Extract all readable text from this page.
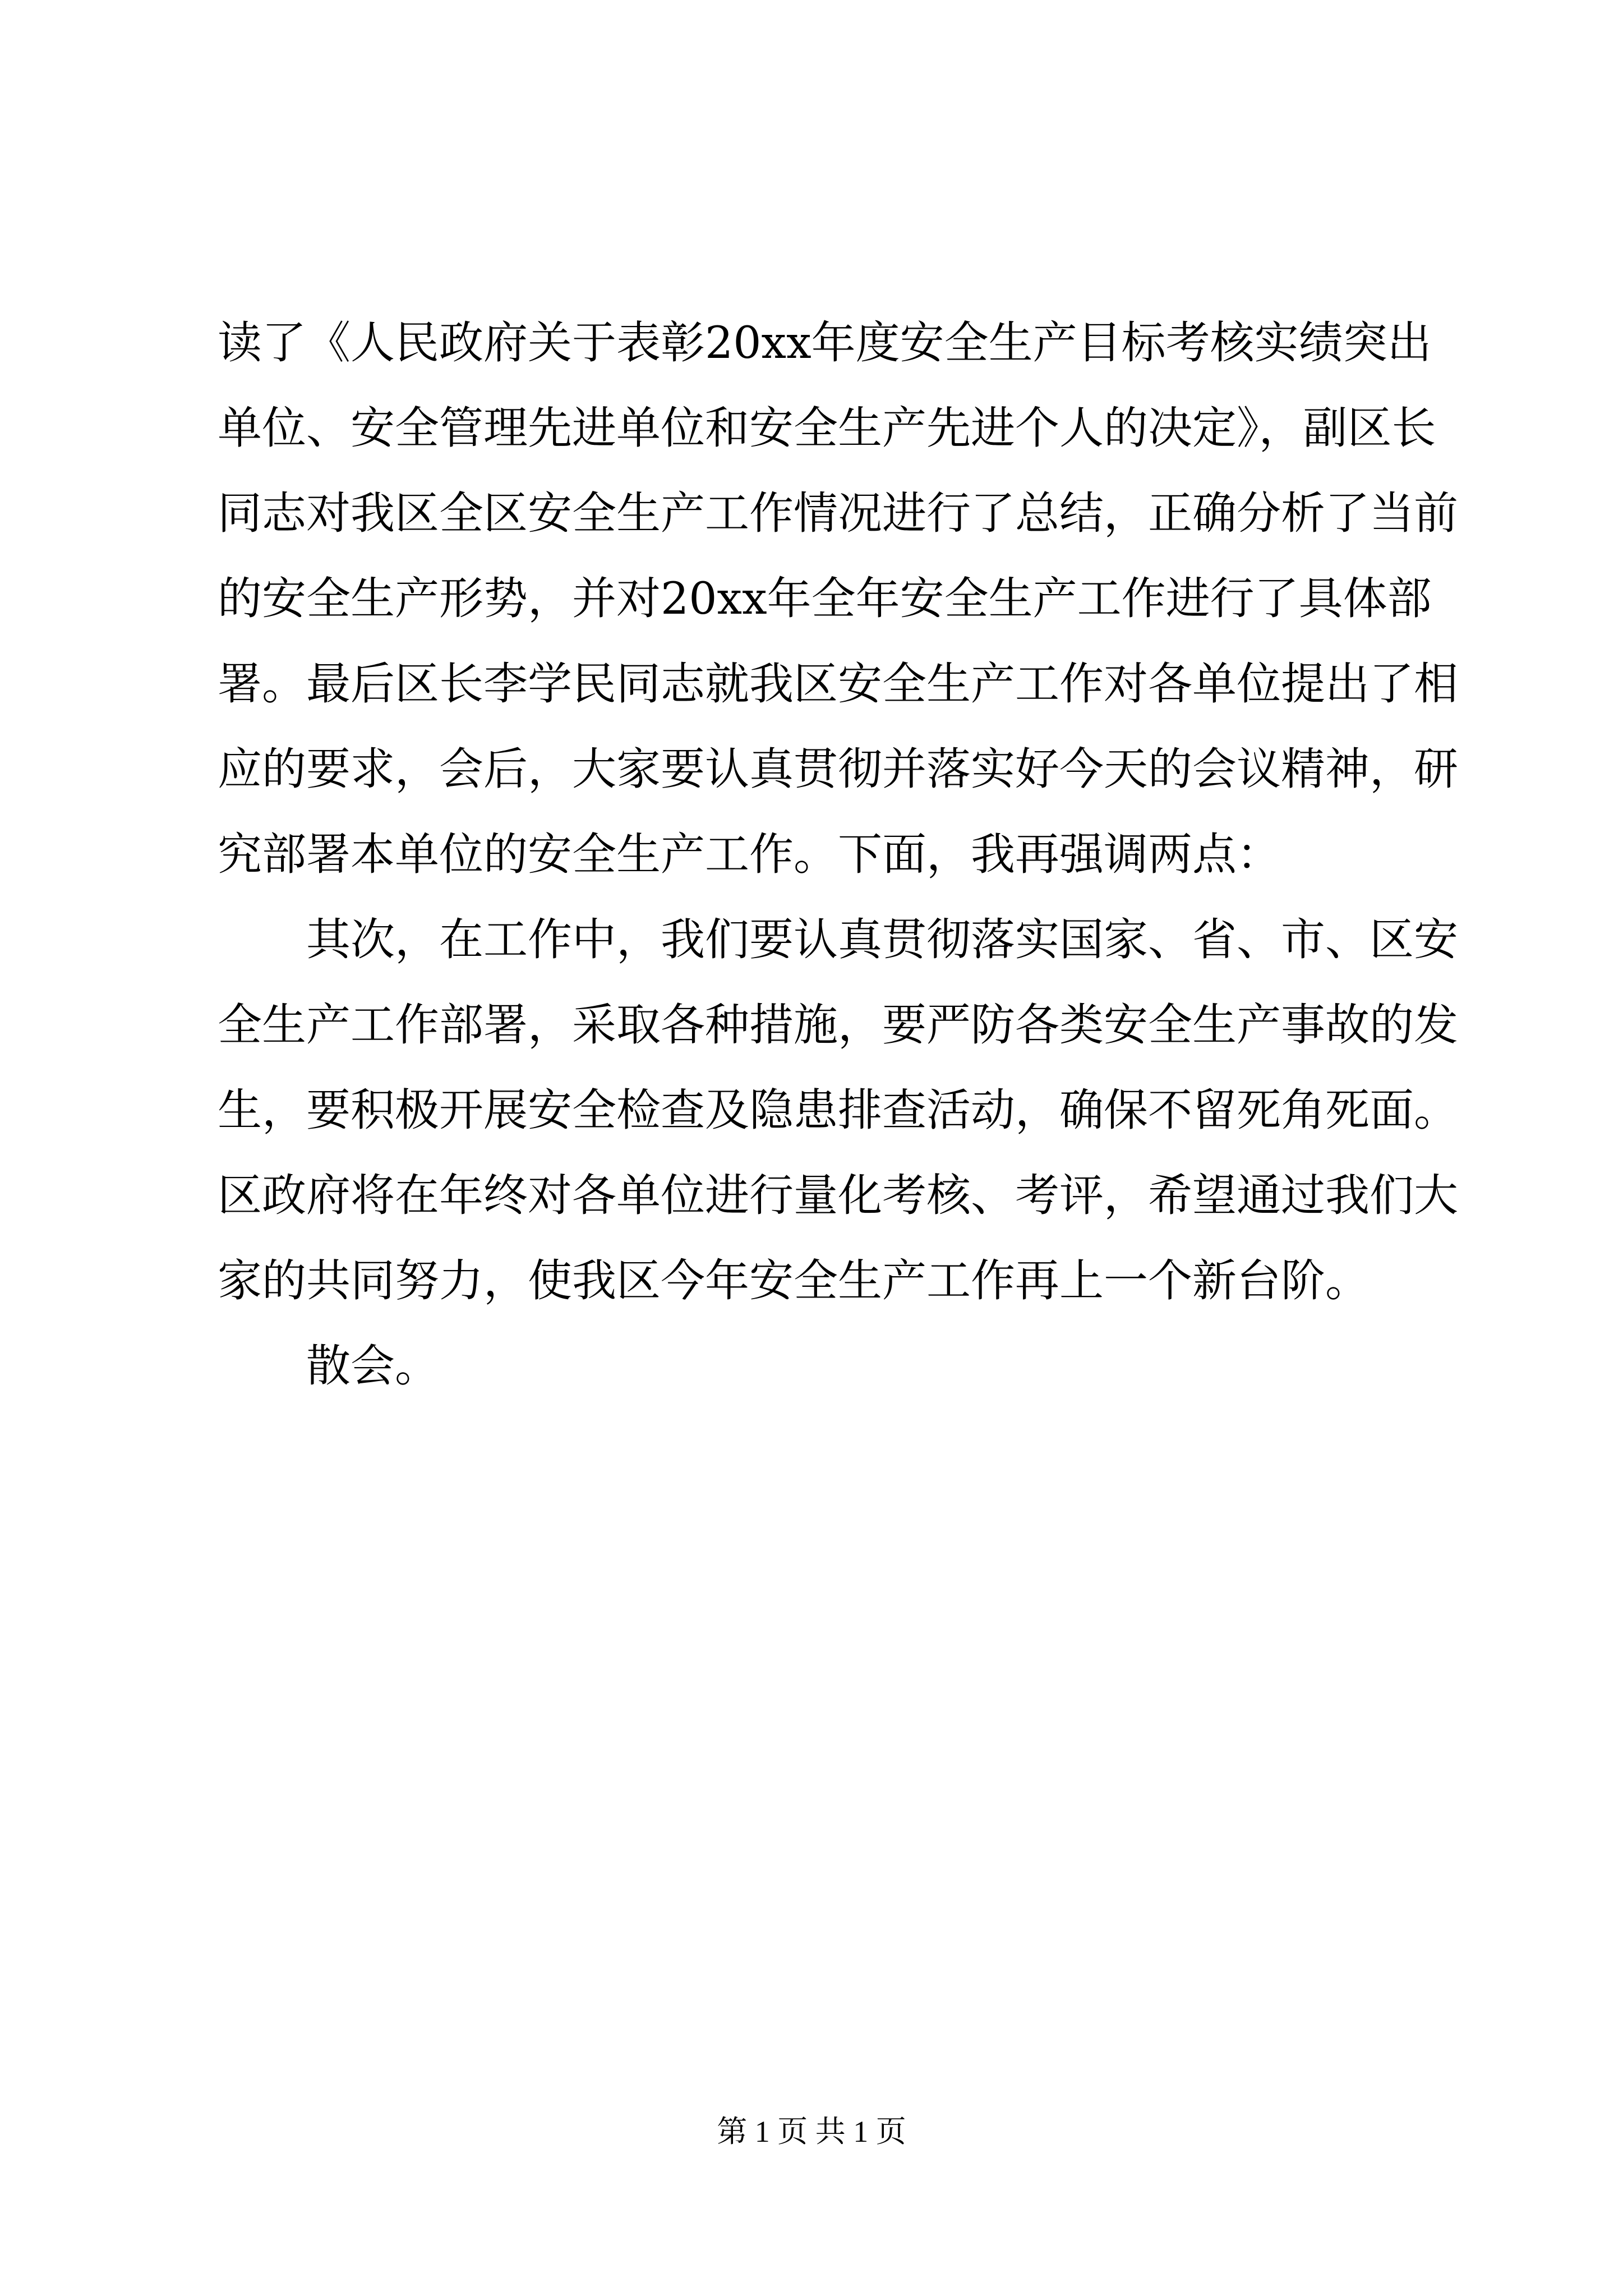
读了《人民政府关于表彰20xx年度安全生产目标考核实绩突出
单位、安全管理先进单位和安全生产先进个人的决定》，副区长
同志对我区全区安全生产工作情况进行了总结，正确分析了当前
的安全生产形势，并对20xx年全年安全生产工作进行了具体部
署。最后区长李学民同志就我区安全生产工作对各单位提出了相
应的要求，会后，大家要认真贯彻并落实好今天的会议精神，研
究部署本单位的安全生产工作。下面，我再强调两点：
　　其次，在工作中，我们要认真贯彻落实国家、省、市、区安
全生产工作部署，采取各种措施，要严防各类安全生产事故的发
生，要积极开展安全检查及隐患排查活动，确保不留死角死面。
区政府将在年终对各单位进行量化考核、考评，希望通过我们大
家的共同努力，使我区今年安全生产工作再上一个新台阶。
　　散会。
第 1 页 共 1 页
